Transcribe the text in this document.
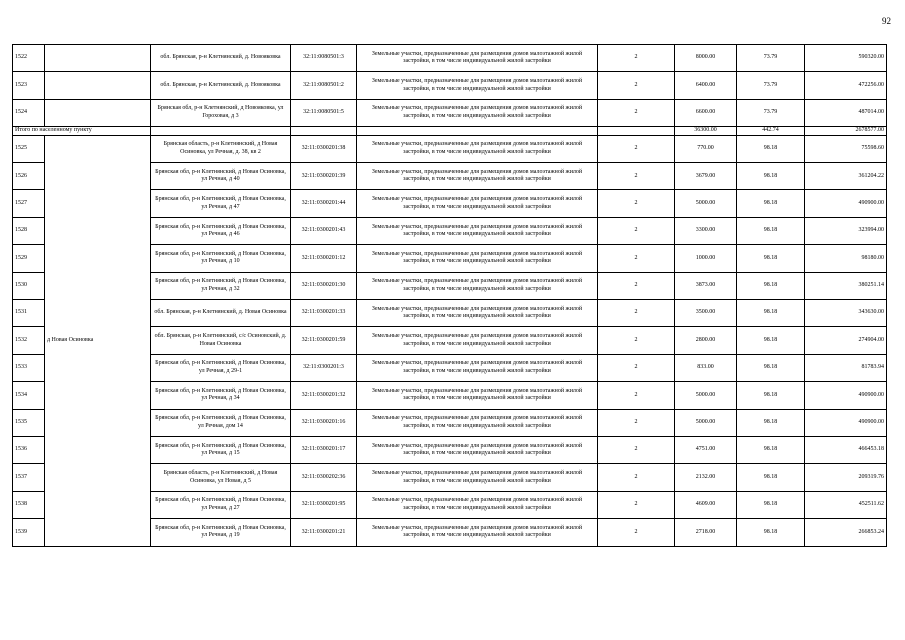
92
1522		обл. Брянская, р-н Клетнянский, д. Новояковка	32:11:0080501:3	Земельные участки, предназначенные для размещения домов малоэтажной жилой застройки, в том числе индивидуальной жилой застройки	2	8000.00	73.79	590320.00
1523		обл. Брянская, р-н Клетнянский, д. Новояковка	32:11:0080501:2	Земельные участки, предназначенные для размещения домов малоэтажной жилой застройки, в том числе индивидуальной жилой застройки	2	6400.00	73.79	472256.00
1524		Брянская обл, р-н Клетнянский, д Новояковка, ул Гороховая, д 3	32:11:0080501:5	Земельные участки, предназначенные для размещения домов малоэтажной жилой застройки, в том числе индивидуальной жилой застройки	2	6600.00	73.79	487014.00
Итого по населенному пункту						36300.00	442.74	2678577.00
1525	д Новая Осиновка	Брянская область, р-н Клетнянский, д Новая Осиновка, ул Речная, д. 38, кв 2	32:11:0300201:38	Земельные участки, предназначенные для размещения домов малоэтажной жилой застройки, в том числе индивидуальной жилой застройки	2	770.00	98.18	75598.60
1526		Брянская обл, р-н Клетнянский, д Новая Осиновка, ул Речная, д 40	32:11:0300201:39	Земельные участки, предназначенные для размещения домов малоэтажной жилой застройки, в том числе индивидуальной жилой застройки	2	3679.00	98.18	361204.22
1527		Брянская обл, р-н Клетнянский, д Новая Осиновка, ул Речная, д 47	32:11:0300201:44	Земельные участки, предназначенные для размещения домов малоэтажной жилой застройки, в том числе индивидуальной жилой застройки	2	5000.00	98.18	490900.00
1528		Брянская обл, р-н Клетнянский, д Новая Осиновка, ул Речная, д 46	32:11:0300201:43	Земельные участки, предназначенные для размещения домов малоэтажной жилой застройки, в том числе индивидуальной жилой застройки	2	3300.00	98.18	323994.00
1529		Брянская обл, р-н Клетнянский, д Новая Осиновка, ул Речная, д 10	32:11:0300201:12	Земельные участки, предназначенные для размещения домов малоэтажной жилой застройки, в том числе индивидуальной жилой застройки	2	1000.00	98.18	98180.00
1530		Брянская обл, р-н Клетнянский, д Новая Осиновка, ул Речная, д 32	32:11:0300201:30	Земельные участки, предназначенные для размещения домов малоэтажной жилой застройки, в том числе индивидуальной жилой застройки	2	3873.00	98.18	380251.14
1531		обл. Брянская, р-н Клетнянский, д. Новая Осиновка	32:11:0300201:33	Земельные участки, предназначенные для размещения домов малоэтажной жилой застройки, в том числе индивидуальной жилой застройки	2	3500.00	98.18	343630.00
1532		обл. Брянская, р-н Клетнянский, с/с Осиновский, д. Новая Осиновка	32:11:0300201:59	Земельные участки, предназначенные для размещения домов малоэтажной жилой застройки, в том числе индивидуальной жилой застройки	2	2800.00	98.18	274904.00
1533		Брянская обл, р-н Клетнянский, д Новая Осиновка, ул Речная, д 29-1	32:11:0300201:3	Земельные участки, предназначенные для размещения домов малоэтажной жилой застройки, в том числе индивидуальной жилой застройки	2	833.00	98.18	81783.94
1534		Брянская обл, р-н Клетнянский, д Новая Осиновка, ул Речная, д 34	32:11:0300201:32	Земельные участки, предназначенные для размещения домов малоэтажной жилой застройки, в том числе индивидуальной жилой застройки	2	5000.00	98.18	490900.00
1535		Брянская обл, р-н Клетнянский, д Новая Осиновка, ул Речная, дом 14	32:11:0300201:16	Земельные участки, предназначенные для размещения домов малоэтажной жилой застройки, в том числе индивидуальной жилой застройки	2	5000.00	98.18	490900.00
1536		Брянская обл, р-н Клетнянский, д Новая Осиновка, ул Речная, д 15	32:11:0300201:17	Земельные участки, предназначенные для размещения домов малоэтажной жилой застройки, в том числе индивидуальной жилой застройки	2	4751.00	98.18	466453.18
1537		Брянская область, р-н Клетнянский, д Новая Осиновка, ул Новая, д 5	32:11:0300202:36	Земельные участки, предназначенные для размещения домов малоэтажной жилой застройки, в том числе индивидуальной жилой застройки	2	2132.00	98.18	209319.76
1538		Брянская обл, р-н Клетнянский, д Новая Осиновка, ул Речная, д 27	32:11:0300201:95	Земельные участки, предназначенные для размещения домов малоэтажной жилой застройки, в том числе индивидуальной жилой застройки	2	4609.00	98.18	452511.62
1539		Брянская обл, р-н Клетнянский, д Новая Осиновка, ул Речная, д 19	32:11:0300201:21	Земельные участки, предназначенные для размещения домов малоэтажной жилой застройки, в том числе индивидуальной жилой застройки	2	2718.00	98.18	266853.24
